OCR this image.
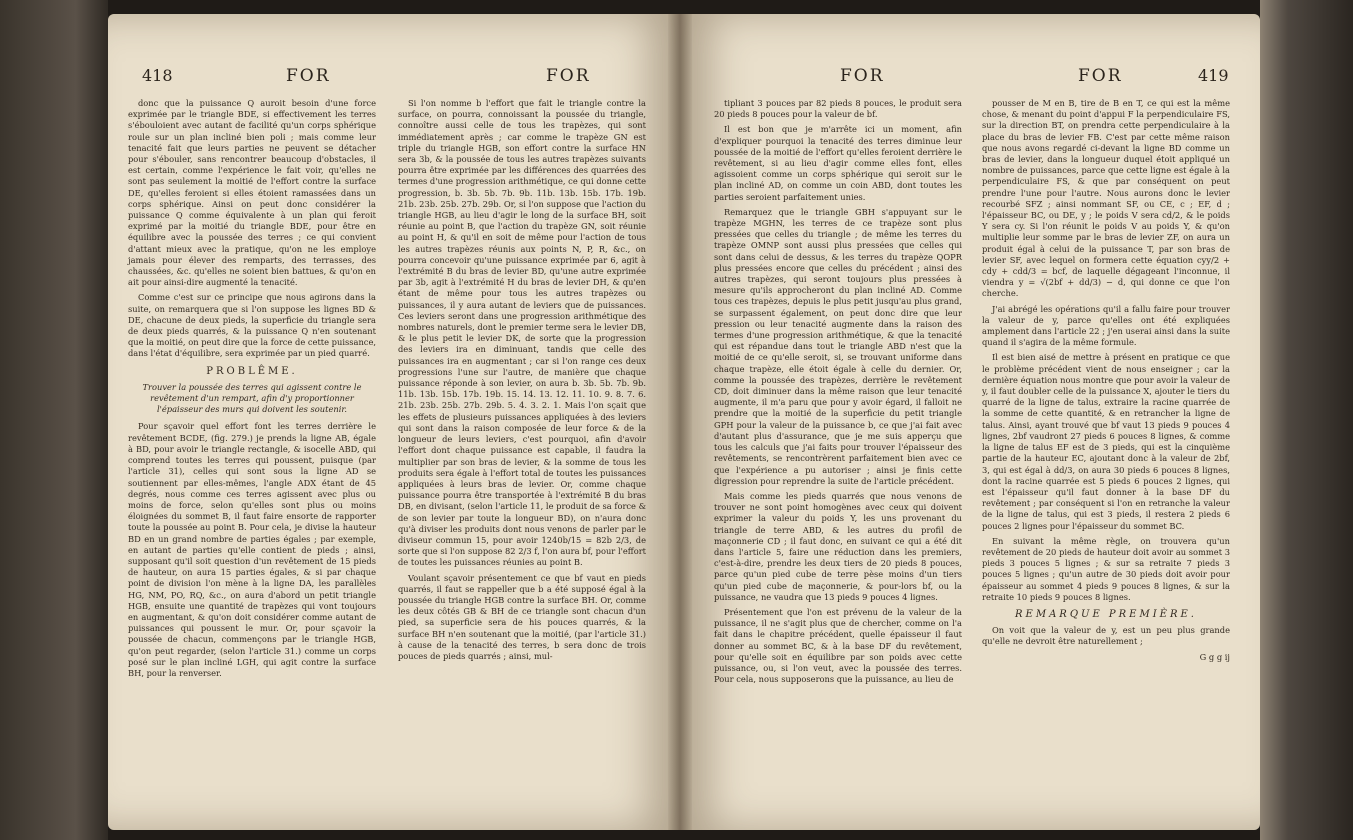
418	FOR	FOR

donc que la puissance Q auroit besoin d'une force exprimée par le triangle BDE, si effectivement les terres s'ébouloient avec autant de facilité qu'un corps sphérique roule sur un plan incliné bien poli ; mais comme leur tenacité fait que leurs parties ne peuvent se détacher pour s'ébouler, sans rencontrer beaucoup d'obstacles, il est certain, comme l'expérience le fait voir, qu'elles ne sont pas seulement la moitié de l'effort contre la surface DE, qu'elles feroient si elles étoient ramassées dans un corps sphérique. Ainsi on peut donc considérer la puissance Q comme équivalente à un plan qui feroit exprimé par la moitié du triangle BDE, pour être en équilibre avec la poussée des terres ; ce qui convient d'attant mieux avec la pratique, qu'on ne les employe jamais pour élever des remparts, des terrasses, des chaussées, &c. qu'elles ne soient bien battues, & qu'on en ait pour ainsi-dire augmenté la tenacité.

Comme c'est sur ce principe que nous agirons dans la suite, on remarquera que si l'on suppose les lignes BD & DE, chacune de deux pieds, la superficie du triangle sera de deux pieds quarrés, & la puissance Q n'en soutenant que la moitié, on peut dire que la force de cette puissance, dans l'état d'équilibre, sera exprimée par un pied quarré.

PROBLÊME.

Trouver la poussée des terres qui agissent contre le revêtement d'un rempart, afin d'y proportionner l'épaisseur des murs qui doivent les soutenir.

Pour sçavoir quel effort font les terres derrière le revêtement BCDE, (fig. 279.) je prends la ligne AB, égale à BD, pour avoir le triangle rectangle, & isocelle ABD, qui comprend toutes les terres qui poussent, puisque (par l'article 31), celles qui sont sous la ligne AD se soutiennent par elles-mêmes, l'angle ADX étant de 45 degrés, nous comme ces terres agissent avec plus ou moins de force, selon qu'elles sont plus ou moins éloignées du sommet B, il faut faire ensorte de rapporter toute la poussée au point B. Pour cela, je divise la hauteur BD en un grand nombre de parties égales ; par exemple, en autant de parties qu'elle contient de pieds ; ainsi, supposant qu'il soit question d'un revêtement de 15 pieds de hauteur, on aura 15 parties égales, & si par chaque point de division l'on mène à la ligne DA, les parallèles HG, NM, PO, RQ, &c., on aura d'abord un petit triangle HGB, ensuite une quantité de trapèzes qui vont toujours en augmentant, & qu'on doit considérer comme autant de puissances qui poussent le mur. Or, pour sçavoir la poussée de chacun, commençons par le triangle HGB, qu'on peut regarder, (selon l'article 31.) comme un corps posé sur le plan incliné LGH, qui agit contre la surface BH, pour la renverser.

Si l'on nomme b l'effort que fait le triangle contre la surface, on pourra, connoissant la poussée du triangle, connoître aussi celle de tous les trapèzes, qui sont immédiatement après ; car comme le trapèze GN est triple du triangle HGB, son effort contre la surface HN sera 3b, & la poussée de tous les autres trapèzes suivants pourra être exprimée par les différences des quarrées des termes d'une progression arithmétique, ce qui donne cette progression, b. 3b. 5b. 7b. 9b. 11b. 13b. 15b. 17b. 19b. 21b. 23b. 25b. 27b. 29b. Or, si l'on suppose que l'action du triangle HGB, au lieu d'agir le long de la surface BH, soit réunie au point B, que l'action du trapèze GN, soit réunie au point H, & qu'il en soit de même pour l'action de tous les autres trapèzes réunis aux points N, P, R, &c., on pourra concevoir qu'une puissance exprimée par 6, agit à l'extrémité B du bras de levier BD, qu'une autre exprimée par 3b, agit à l'extrémité H du bras de levier DH, & qu'en étant de même pour tous les autres trapèzes ou puissances, il y aura autant de leviers que de puissances. Ces leviers seront dans une progression arithmétique des nombres naturels, dont le premier terme sera le levier DB, & le plus petit le levier DK, de sorte que la progression des leviers ira en diminuant, tandis que celle des puissances ira en augmentant ; car si l'on range ces deux progressions l'une sur l'autre, de manière que chaque puissance réponde à son levier, on aura b. 3b. 5b. 7b. 9b. 11b. 13b. 15b. 17b. 19b. 15. 14. 13. 12. 11. 10. 9. 8. 7. 6. 21b. 23b. 25b. 27b. 29b. 5. 4. 3. 2. 1. Mais l'on sçait que les effets de plusieurs puissances appliquées à des leviers qui sont dans la raison composée de leur force & de la longueur de leurs leviers, c'est pourquoi, afin d'avoir l'effort dont chaque puissance est capable, il faudra la multiplier par son bras de levier, & la somme de tous les produits sera égale à l'effort total de toutes les puissances appliquées à leurs bras de levier. Or, comme chaque puissance pourra être transportée à l'extrémité B du bras DB, en divisant, (selon l'article 11, le produit de sa force & de son levier par toute la longueur BD), on n'aura donc qu'à diviser les produits dont nous venons de parler par le diviseur commun 15, pour avoir 1240b/15 = 82b 2/3, de sorte que si l'on suppose 82 2/3 f, l'on aura bf, pour l'effort de toutes les puissances réunies au point B.

Voulant sçavoir présentement ce que bf vaut en pieds quarrés, il faut se rappeller que b a été supposé égal à la poussée du triangle HGB contre la surface BH. Or, comme les deux côtés GB & BH de ce triangle sont chacun d'un pied, sa superficie sera de his pouces quarrés, & la surface BH n'en soutenant que la moitié, (par l'article 31.) à cause de la tenacité des terres, b sera donc de trois pouces de pieds quarrés ; ainsi, mul-

FOR	FOR	419

tipliant 3 pouces par 82 pieds 8 pouces, le produit sera 20 pieds 8 pouces pour la valeur de bf.

Il est bon que je m'arrête ici un moment, afin d'expliquer pourquoi la tenacité des terres diminue leur poussée de la moitié de l'effort qu'elles feroient derrière le revêtement, si au lieu d'agir comme elles font, elles agissoient comme un corps sphérique qui seroit sur le plan incliné AD, on comme un coin ABD, dont toutes les parties seroient parfaitement unies.

Remarquez que le triangle GBH s'appuyant sur le trapèze MGHN, les terres de ce trapèze sont plus pressées que celles du triangle ; de même les terres du trapèze OMNP sont aussi plus pressées que celles qui sont dans celui de dessus, & les terres du trapèze QOPR plus pressées encore que celles du précédent ; ainsi des autres trapèzes, qui seront toujours plus pressées à mesure qu'ils approcheront du plan incliné AD. Comme tous ces trapèzes, depuis le plus petit jusqu'au plus grand, se surpassent également, on peut donc dire que leur pression ou leur tenacité augmente dans la raison des termes d'une progression arithmétique, & que la tenacité qui est répandue dans tout le triangle ABD n'est que la moitié de ce qu'elle seroit, si, se trouvant uniforme dans chaque trapèze, elle étoit égale à celle du dernier. Or, comme la poussée des trapèzes, derrière le revêtement CD, doit diminuer dans la même raison que leur tenacité augmente, il m'a paru que pour y avoir égard, il falloit ne prendre que la moitié de la superficie du petit triangle GPH pour la valeur de la puissance b, ce que j'ai fait avec d'autant plus d'assurance, que je me suis apperçu que tous les calculs que j'ai faits pour trouver l'épaisseur des revêtements, se rencontrèrent parfaitement bien avec ce que l'expérience a pu autoriser ; ainsi je finis cette digression pour reprendre la suite de l'article précédent.

Mais comme les pieds quarrés que nous venons de trouver ne sont point homogènes avec ceux qui doivent exprimer la valeur du poids Y, les uns provenant du triangle de terre ABD, & les autres du profil de maçonnerie CD ; il faut donc, en suivant ce qui a été dit dans l'article 5, faire une réduction dans les premiers, c'est-à-dire, prendre les deux tiers de 20 pieds 8 pouces, parce qu'un pied cube de terre pèse moins d'un tiers qu'un pied cube de maçonnerie, & pour-lors bf, ou la puissance, ne vaudra que 13 pieds 9 pouces 4 lignes.

Présentement que l'on est prévenu de la valeur de la puissance, il ne s'agit plus que de chercher, comme on l'a fait dans le chapitre précédent, quelle épaisseur il faut donner au sommet BC, & à la base DF du revêtement, pour qu'elle soit en équilibre par son poids avec cette puissance, ou, si l'on veut, avec la poussée des terres. Pour cela, nous supposerons que la puissance, au lieu de

pousser de M en B, tire de B en T, ce qui est la même chose, & menant du point d'appui F la perpendiculaire FS, sur la direction BT, on prendra cette perpendiculaire à la place du bras de levier FB. C'est par cette même raison que nous avons regardé ci-devant la ligne BD comme un bras de levier, dans la longueur duquel étoit appliqué un nombre de puissances, parce que cette ligne est égale à la perpendiculaire FS, & que par conséquent on peut prendre l'une pour l'autre. Nous aurons donc le levier recourbé SFZ ; ainsi nommant SF, ou CE, c ; EF, d ; l'épaisseur BC, ou DE, y ; le poids V sera cd/2, & le poids Y sera cy. Si l'on réunit le poids V au poids Y, & qu'on multiplie leur somme par le bras de levier ZF, on aura un produit égal à celui de la puissance T, par son bras de levier SF, avec lequel on formera cette équation cyy/2 + cdy + cdd/3 = bcf, de laquelle dégageant l'inconnue, il viendra y = √(2bf + dd/3) − d, qui donne ce que l'on cherche.

J'ai abrégé les opérations qu'il a fallu faire pour trouver la valeur de y, parce qu'elles ont été expliquées amplement dans l'article 22 ; j'en userai ainsi dans la suite quand il s'agira de la même formule.

Il est bien aisé de mettre à présent en pratique ce que le problème précédent vient de nous enseigner ; car la dernière équation nous montre que pour avoir la valeur de y, il faut doubler celle de la puissance X, ajouter le tiers du quarré de la ligne de talus, extraire la racine quarrée de la somme de cette quantité, & en retrancher la ligne de talus. Ainsi, ayant trouvé que bf vaut 13 pieds 9 pouces 4 lignes, 2bf vaudront 27 pieds 6 pouces 8 lignes, & comme la ligne de talus EF est de 3 pieds, qui est la cinquième partie de la hauteur EC, ajoutant donc à la valeur de 2bf, 3, qui est égal à dd/3, on aura 30 pieds 6 pouces 8 lignes, dont la racine quarrée est 5 pieds 6 pouces 2 lignes, qui est l'épaisseur qu'il faut donner à la base DF du revêtement ; par conséquent si l'on en retranche la valeur de la ligne de talus, qui est 3 pieds, il restera 2 pieds 6 pouces 2 lignes pour l'épaisseur du sommet BC.

En suivant la même règle, on trouvera qu'un revêtement de 20 pieds de hauteur doit avoir au sommet 3 pieds 3 pouces 5 lignes ; & sur sa retraite 7 pieds 3 pouces 5 lignes ; qu'un autre de 30 pieds doit avoir pour épaisseur au sommet 4 pieds 9 pouces 8 lignes, & sur la retraite 10 pieds 9 pouces 8 lignes.

REMARQUE PREMIÈRE.

On voit que la valeur de y, est un peu plus grande qu'elle ne devroit être naturellement ;

G g g ij
